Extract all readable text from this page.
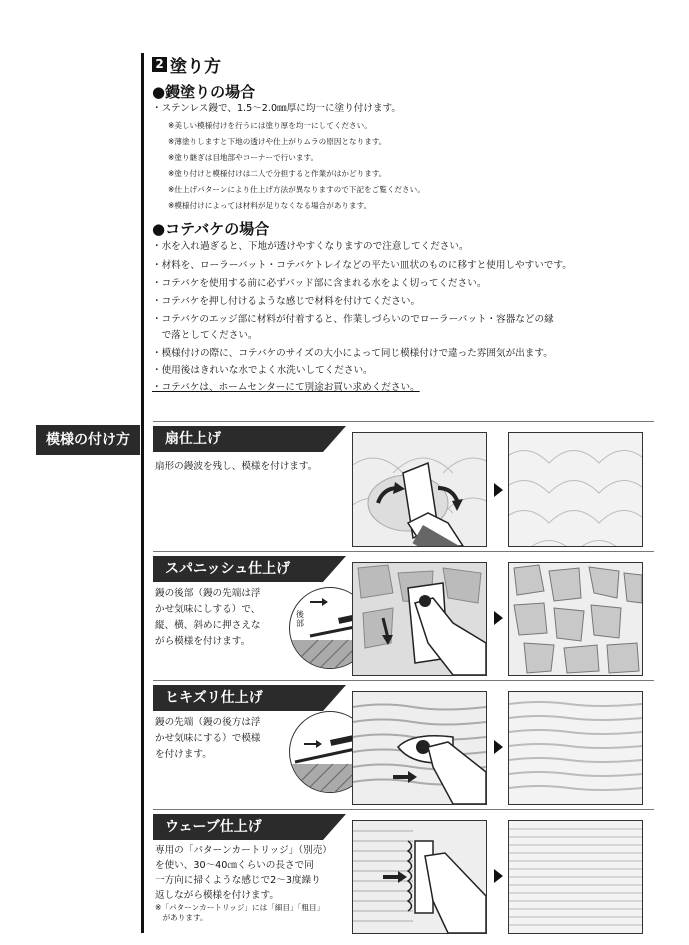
2 塗り方
●鏝塗りの場合
・ステンレス鏝で、1.5〜2.0㎜厚に均一に塗り付けます。
※美しい模様付けを行うには塗り厚を均一にしてください。
※薄塗りしますと下地の透けや仕上がりムラの原因となります。
※塗り継ぎは目地部やコーナーで行います。
※塗り付けと模様付けは二人で分担すると作業がはかどります。
※仕上げパターンにより仕上げ方法が異なりますので下記をご覧ください。
※模様付けによっては材料が足りなくなる場合があります。
●コテバケの場合
・水を入れ過ぎると、下地が透けやすくなりますので注意してください。
・材料を、ローラーバット・コテバケトレイなどの平たい皿状のものに移すと使用しやすいです。
・コテバケを使用する前に必ずパッド部に含まれる水をよく切ってください。
・コテバケを押し付けるような感じで材料を付けてください。
・コテバケのエッジ部に材料が付着すると、作業しづらいのでローラーバット・容器などの縁
　で落としてください。
・模様付けの際に、コテバケのサイズの大小によって同じ模様付けで違った雰囲気が出ます。
・使用後はきれいな水でよく水洗いしてください。
・コテバケは、ホームセンターにて別途お買い求めください。
模様の付け方	扇仕上げ
扇形の鏝波を残し、模様を付けます。
スパニッシュ仕上げ
鏝の後部（鏝の先端は浮
かせ気味にしする）で、
縦、横、斜めに押さえな
がら模様を付けます。
後部
ヒキズリ仕上げ
鏝の先端（鏝の後方は浮
かせ気味にする）で模様
を付けます。
ウェーブ仕上げ
専用の「パターンカートリッジ」（別売）
を使い、30〜40㎝くらいの長さで同
一方向に掃くような感じで2〜3度繰り
返しながら模様を付けます。
※「パターンカートリッジ」には「細目」「粗目」
　があります。
